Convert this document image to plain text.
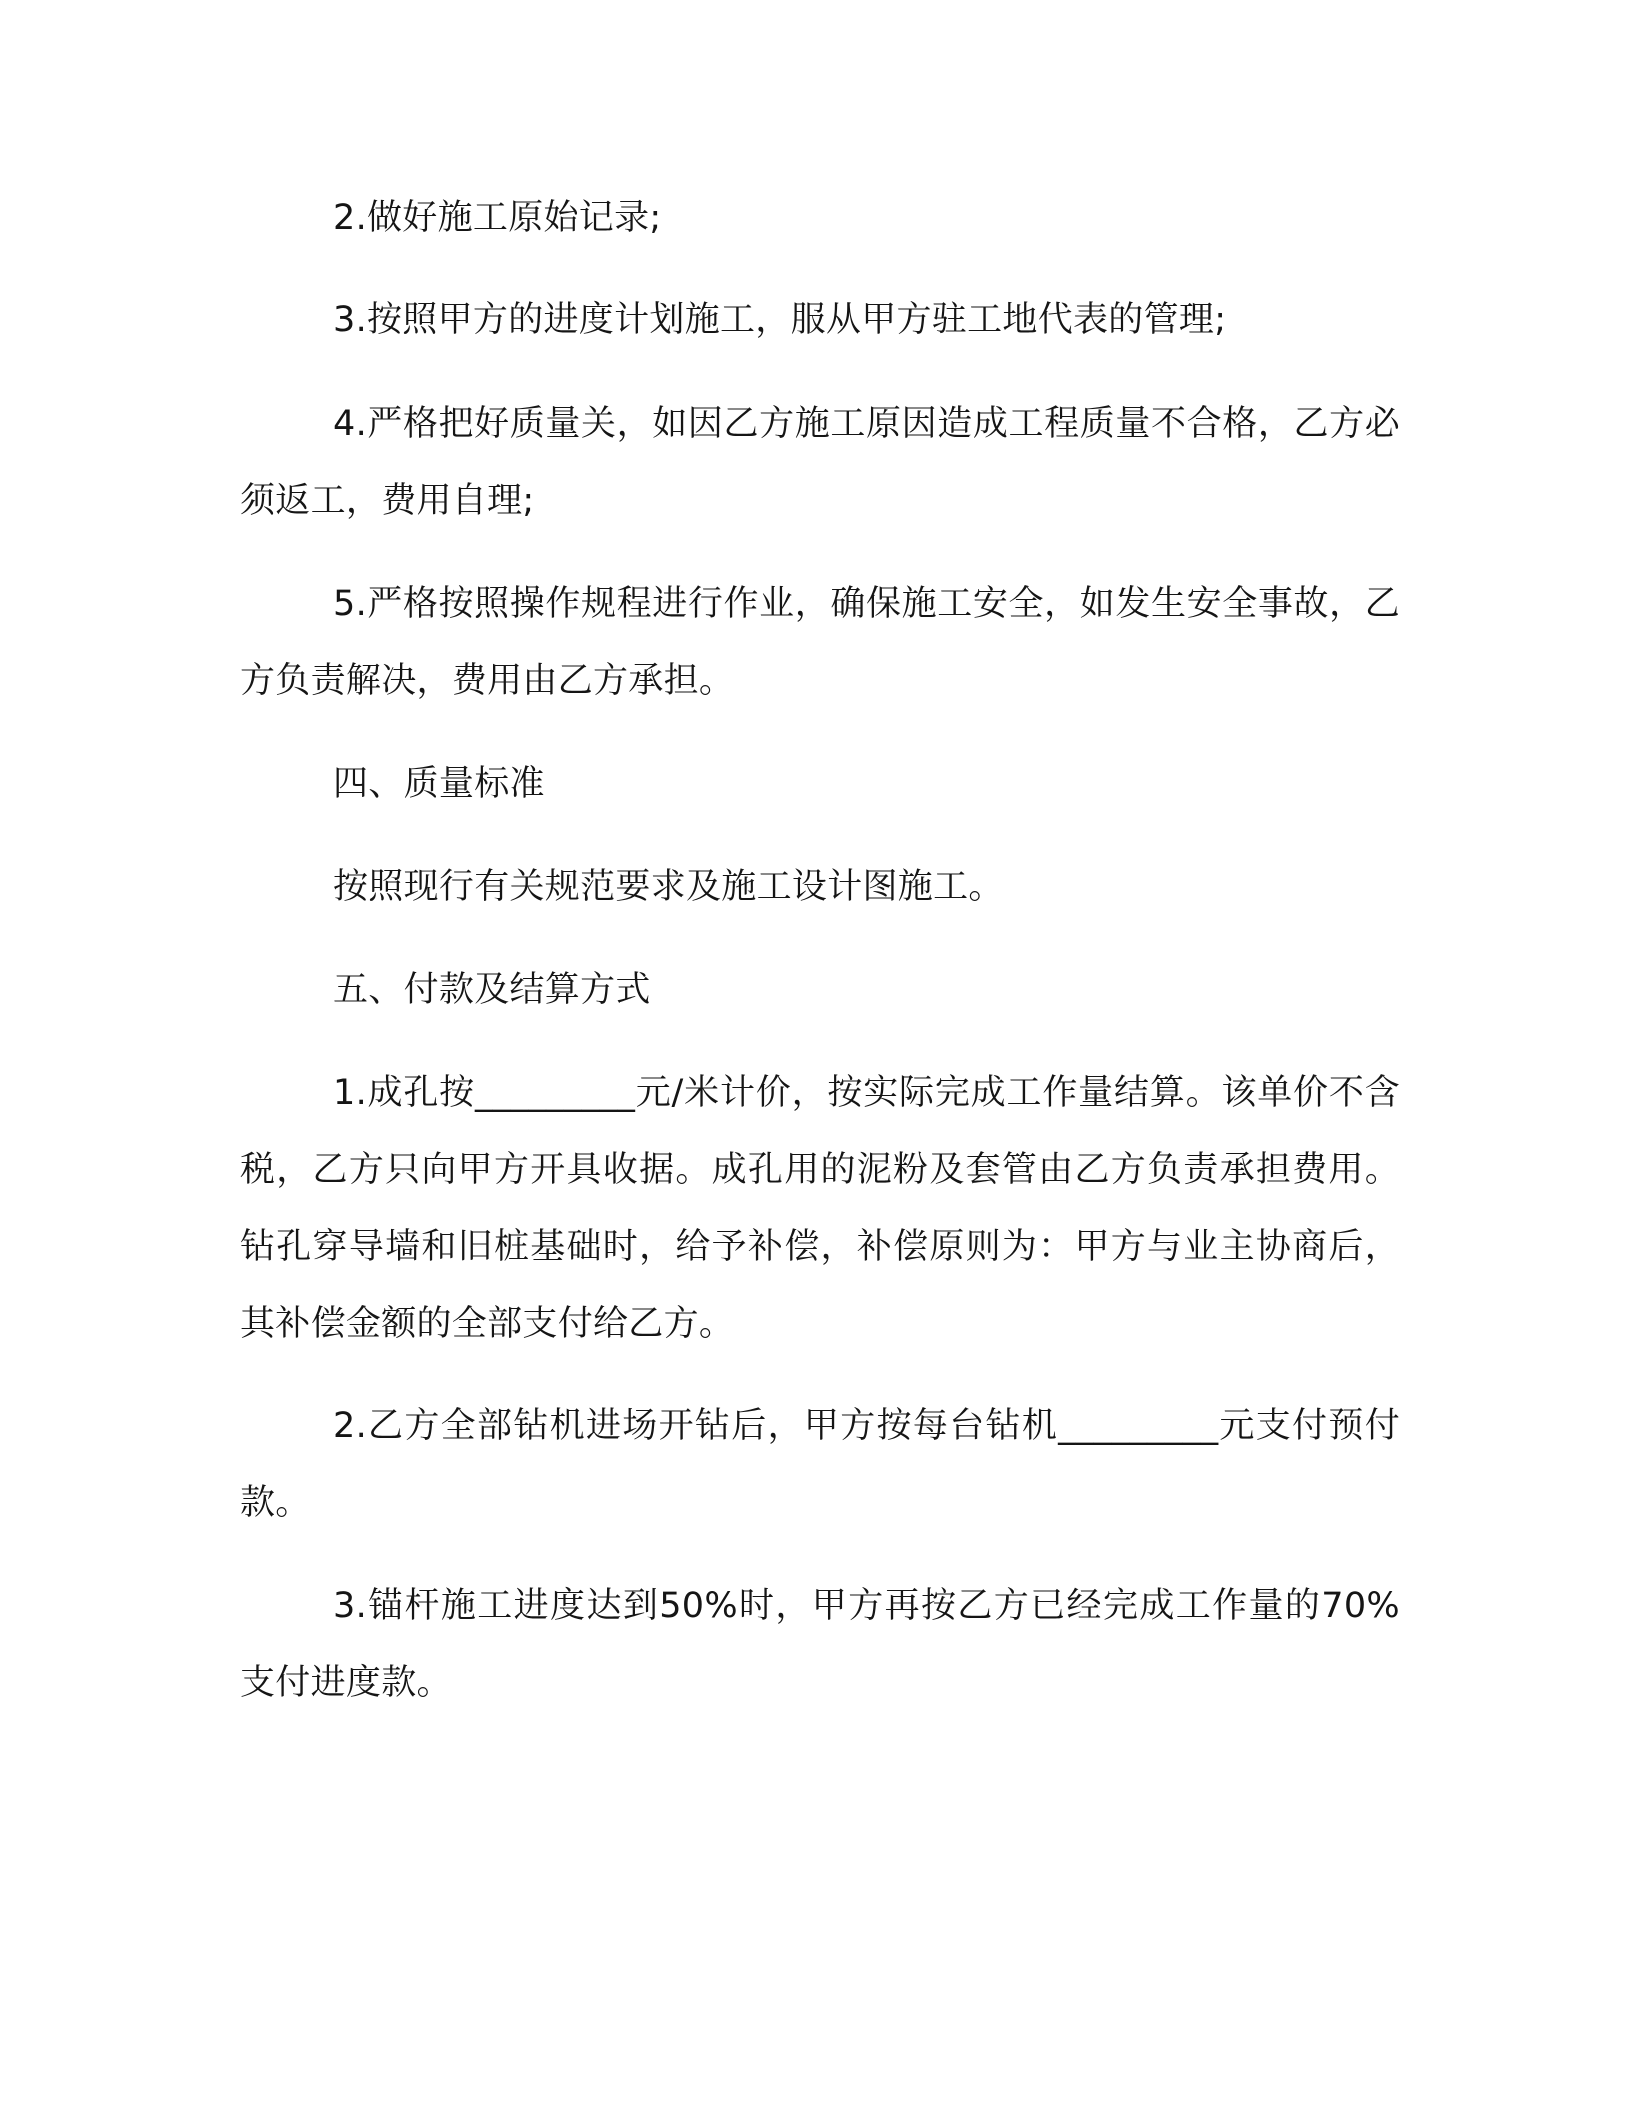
2.做好施工原始记录;

3.按照甲方的进度计划施工，服从甲方驻工地代表的管理;

4.严格把好质量关，如因乙方施工原因造成工程质量不合格，乙方必须返工，费用自理;

5.严格按照操作规程进行作业，确保施工安全，如发生安全事故，乙方负责解决，费用由乙方承担。

四、质量标准

按照现行有关规范要求及施工设计图施工。

五、付款及结算方式

1.成孔按_________元/米计价，按实际完成工作量结算。该单价不含税，乙方只向甲方开具收据。成孔用的泥粉及套管由乙方负责承担费用。钻孔穿导墙和旧桩基础时，给予补偿，补偿原则为：甲方与业主协商后，其补偿金额的全部支付给乙方。

2.乙方全部钻机进场开钻后，甲方按每台钻机_________元支付预付款。

3.锚杆施工进度达到50%时，甲方再按乙方已经完成工作量的70%支付进度款。
